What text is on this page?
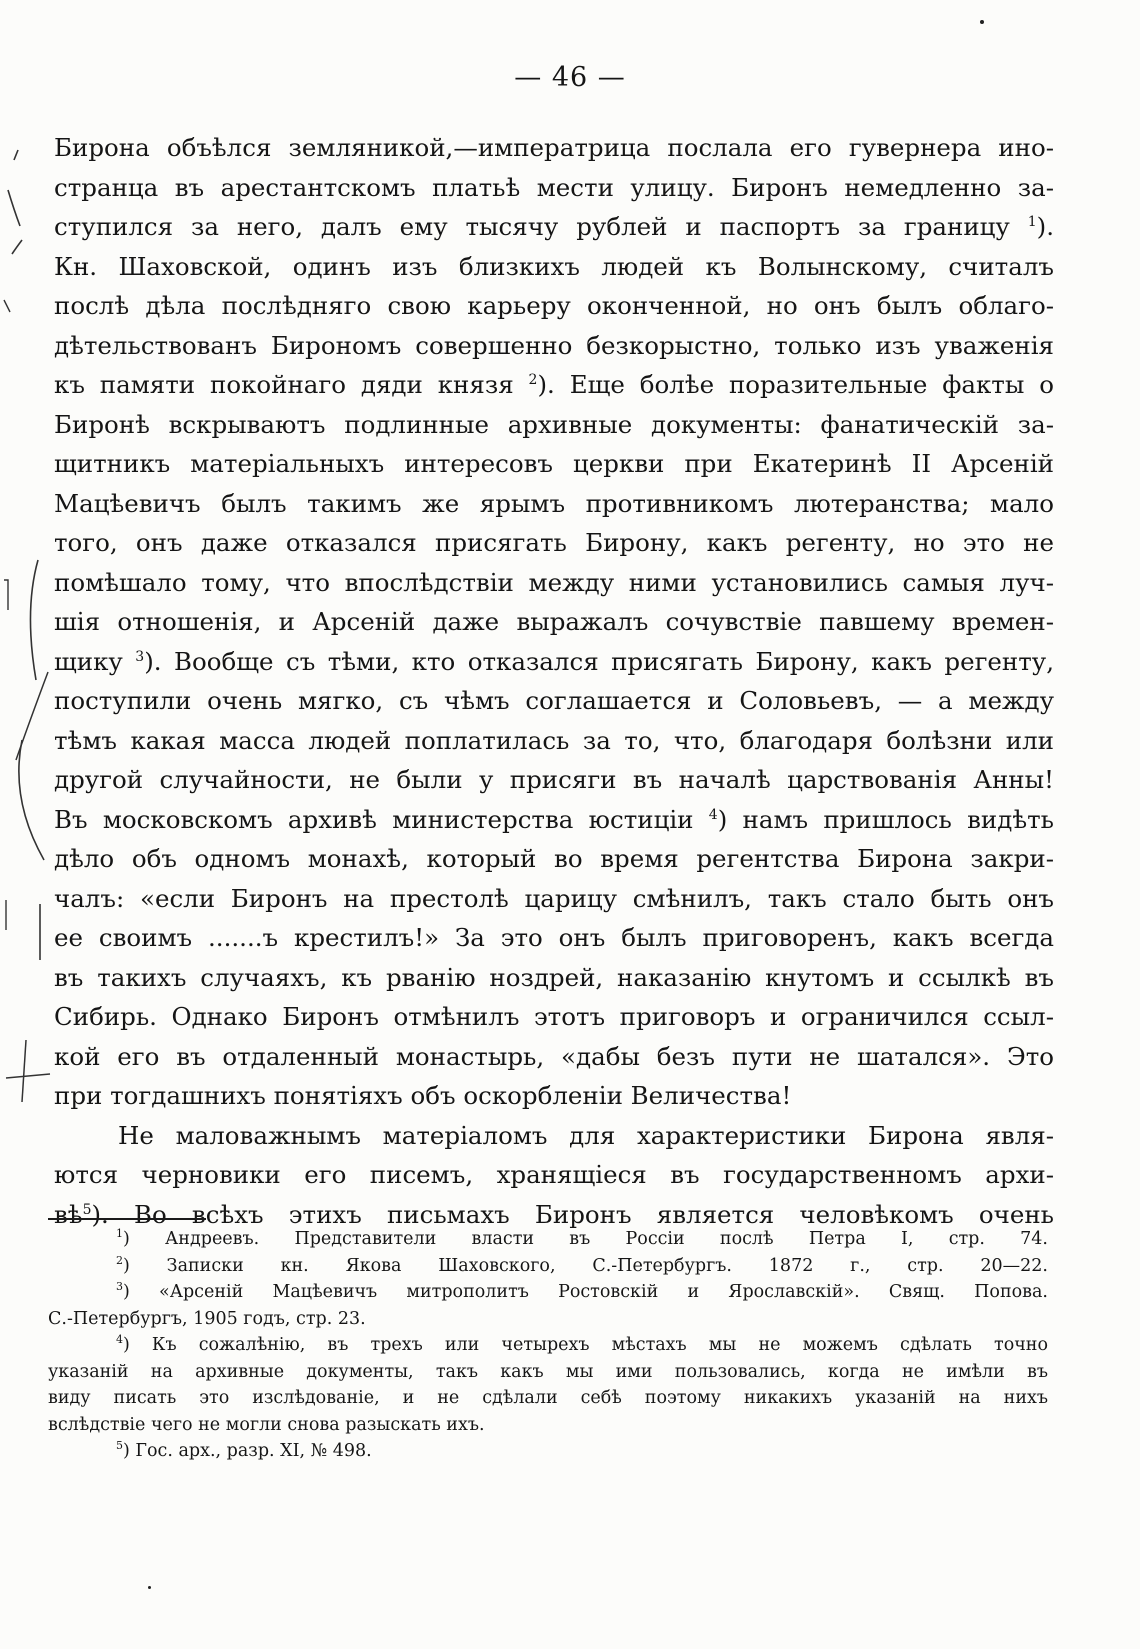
— 46 —
Бирона объѣлся земляникой,—императрица послала его гувернера ино-
странца въ арестантскомъ платьѣ мести улицу. Биронъ немедленно за-
ступился за него, далъ ему тысячу рублей и паспортъ за границу $^1$).
Кн. Шаховской, одинъ изъ близкихъ людей къ Волынскому, считалъ
послѣ дѣла послѣдняго свою карьеру оконченной, но онъ былъ облаго-
дѣтельствованъ Бирономъ совершенно безкорыстно, только изъ уваженія
къ памяти покойнаго дяди князя $^2$). Еще болѣе поразительные факты о
Биронѣ вскрываютъ подлинные архивные документы: фанатическій за-
щитникъ матеріальныхъ интересовъ церкви при Екатеринѣ II Арсеній
Мацѣевичъ былъ такимъ же ярымъ противникомъ лютеранства; мало
того, онъ даже отказался присягать Бирону, какъ регенту, но это не
помѣшало тому, что впослѣдствіи между ними установились самыя луч-
шія отношенія, и Арсеній даже выражалъ сочувствіе павшему времен-
щику $^3$). Вообще съ тѣми, кто отказался присягать Бирону, какъ регенту,
поступили очень мягко, съ чѣмъ соглашается и Соловьевъ, — а между
тѣмъ какая масса людей поплатилась за то, что, благодаря болѣзни или
другой случайности, не были у присяги въ началѣ царствованія Анны!
Въ московскомъ архивѣ министерства юстиціи $^4$) намъ пришлось видѣть
дѣло объ одномъ монахѣ, который во время регентства Бирона закри-
чалъ: «если Биронъ на престолѣ царицу смѣнилъ, такъ стало быть онъ
ее своимъ .......ъ крестилъ!» За это онъ былъ приговоренъ, какъ всегда
въ такихъ случаяхъ, къ рванію ноздрей, наказанію кнутомъ и ссылкѣ въ
Сибирь. Однако Биронъ отмѣнилъ этотъ приговоръ и ограничился ссыл-
кой его въ отдаленный монастырь, «дабы безъ пути не шатался». Это
при тогдашнихъ понятіяхъ объ оскорбленіи Величества!
Не маловажнымъ матеріаломъ для характеристики Бирона явля-
ются черновики его писемъ, хранящіеся въ государственномъ архи-
$вѣ^5$). Во всѣхъ этихъ письмахъ Биронъ является человѣкомъ очень
$^1$) Андреевъ. Представители власти въ Россіи послѣ Петра I, стр. 74.
$^2$) Записки кн. Якова Шаховского, С.-Петербургъ. 1872 г., стр. 20—22.
$^3$) «Арсеній Мацѣевичъ митрополитъ Ростовскій и Ярославскій». Свящ. Попова.
С.-Петербургъ, 1905 годъ, стр. 23.
$^4$) Къ сожалѣнію, въ трехъ или четырехъ мѣстахъ мы не можемъ сдѣлать точно
указаній на архивные документы, такъ какъ мы ими пользовались, когда не имѣли въ
виду писать это изслѣдованіе, и не сдѣлали себѣ поэтому никакихъ указаній на нихъ
вслѣдствіе чего не могли снова разыскать ихъ.
$^5$) Гос. арх., разр. XI, № 498.
